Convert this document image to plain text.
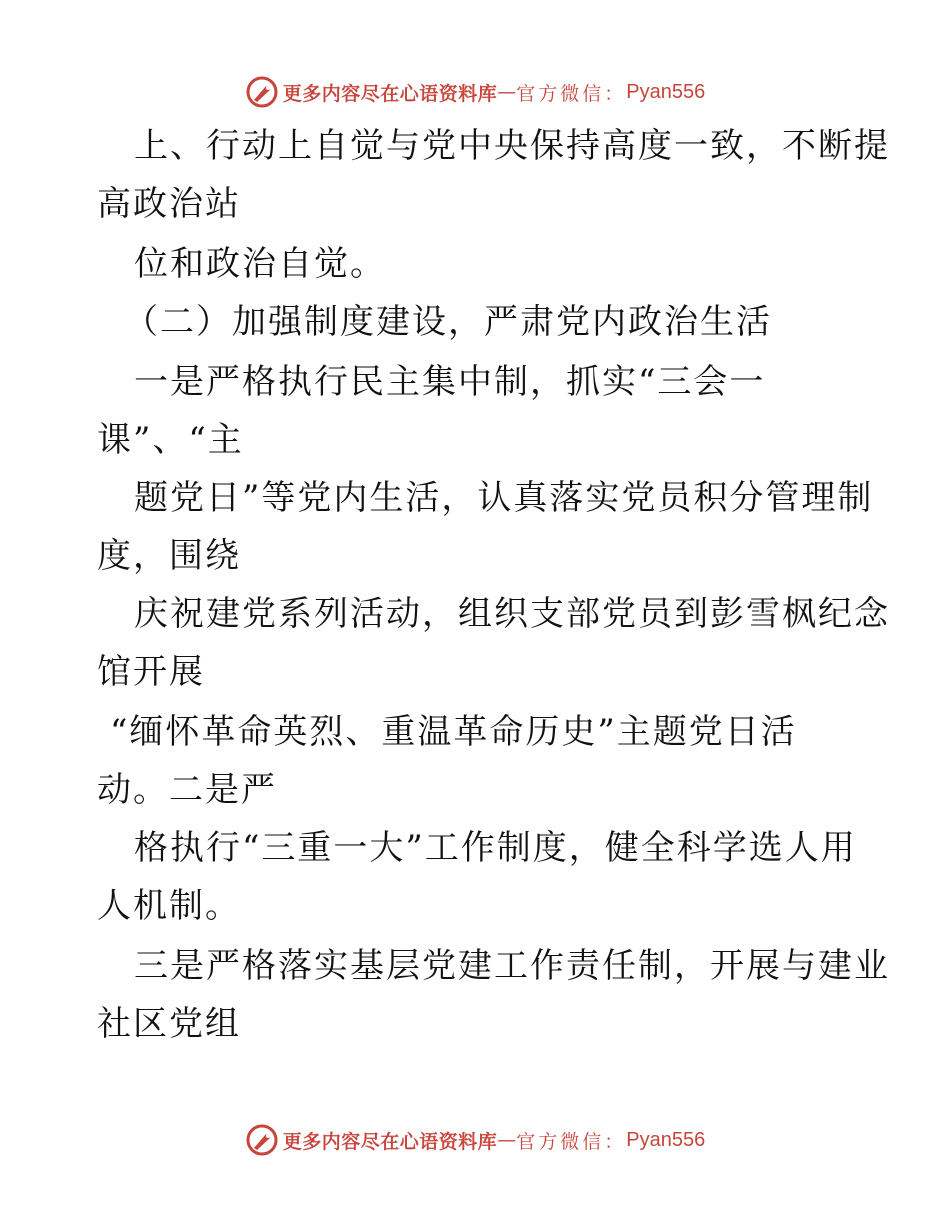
更多内容尽在心语资料库 — 官方微信： Pyan556
上、行动上自觉与党中央保持高度一致，不断提
高政治站
位和政治自觉。
（二）加强制度建设，严肃党内政治生活
一是严格执行民主集中制，抓实“三会一
课”、“主
题党日”等党内生活，认真落实党员积分管理制
度，围绕
庆祝建党系列活动，组织支部党员到彭雪枫纪念
馆开展
“缅怀革命英烈、重温革命历史”主题党日活
动。二是严
格执行“三重一大”工作制度，健全科学选人用
人机制。
三是严格落实基层党建工作责任制，开展与建业
社区党组
更多内容尽在心语资料库 — 官方微信： Pyan556
